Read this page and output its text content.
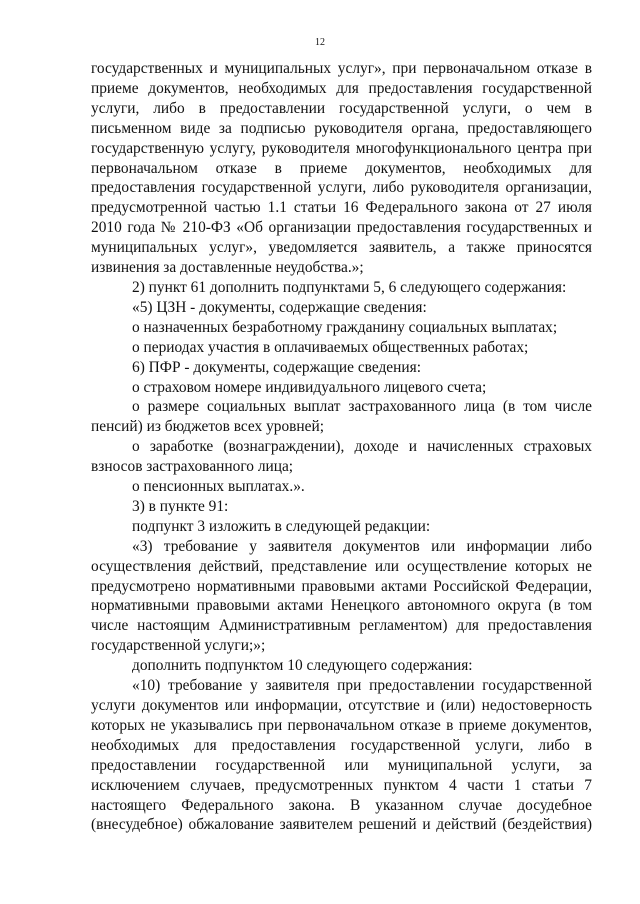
12

государственных и муниципальных услуг», при первоначальном отказе в приеме документов, необходимых для предоставления государственной услуги, либо в предоставлении государственной услуги, о чем в письменном виде за подписью руководителя органа, предоставляющего государственную услугу, руководителя многофункционального центра при первоначальном отказе в приеме документов, необходимых для предоставления государственной услуги, либо руководителя организации, предусмотренной частью 1.1 статьи 16 Федерального закона от 27 июля 2010 года № 210-ФЗ «Об организации предоставления государственных и муниципальных услуг», уведомляется заявитель, а также приносятся извинения за доставленные неудобства.»;

2) пункт 61 дополнить подпунктами 5, 6 следующего содержания:

«5) ЦЗН - документы, содержащие сведения:

о назначенных безработному гражданину социальных выплатах;

о периодах участия в оплачиваемых общественных работах;

6) ПФР - документы, содержащие сведения:

о страховом номере индивидуального лицевого счета;

о размере социальных выплат застрахованного лица (в том числе пенсий) из бюджетов всех уровней;

о заработке (вознаграждении), доходе и начисленных страховых взносов застрахованного лица;

о пенсионных выплатах.».

3) в пункте 91:

подпункт 3 изложить в следующей редакции:

«3) требование у заявителя документов или информации либо осуществления действий, представление или осуществление которых не предусмотрено нормативными правовыми актами Российской Федерации, нормативными правовыми актами Ненецкого автономного округа (в том числе настоящим Административным регламентом) для предоставления государственной услуги;»;

дополнить подпунктом 10 следующего содержания:

«10) требование у заявителя при предоставлении государственной услуги документов или информации, отсутствие и (или) недостоверность которых не указывались при первоначальном отказе в приеме документов, необходимых для предоставления государственной услуги, либо в предоставлении государственной или муниципальной услуги, за исключением случаев, предусмотренных пунктом 4 части 1 статьи 7 настоящего Федерального закона. В указанном случае досудебное (внесудебное) обжалование заявителем решений и действий (бездействия)
